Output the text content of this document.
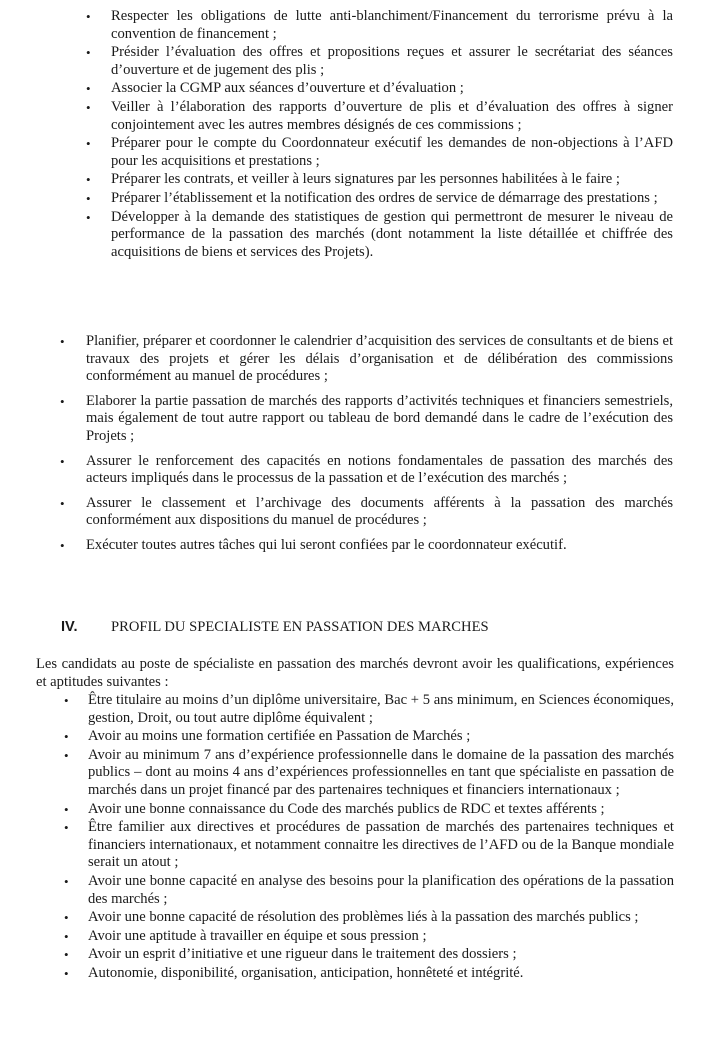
• Respecter les obligations de lutte anti-blanchiment/Financement du terrorisme prévu à la convention de financement ;
• Présider l’évaluation des offres et propositions reçues et assurer le secrétariat des séances d’ouverture et de jugement des plis ;
• Associer la CGMP aux séances d’ouverture et d’évaluation ;
• Veiller à l’élaboration des rapports d’ouverture de plis et d’évaluation des offres à signer conjointement avec les autres membres désignés de ces commissions ;
• Préparer pour le compte du Coordonnateur exécutif les demandes de non-objections à l’AFD pour les acquisitions et prestations ;
• Préparer les contrats, et veiller à leurs signatures par les personnes habilitées à le faire ;
• Préparer l’établissement et la notification des ordres de service de démarrage des prestations ;
• Développer à la demande des statistiques de gestion qui permettront de mesurer le niveau de performance de la passation des marchés (dont notamment la liste détaillée et chiffrée des acquisitions de biens et services des Projets).
• Planifier, préparer et coordonner le calendrier d’acquisition des services de consultants et de biens et travaux des projets et gérer les délais d’organisation et de délibération des commissions conformément au manuel de procédures ;
• Elaborer la partie passation de marchés des rapports d’activités techniques et financiers semestriels, mais également de tout autre rapport ou tableau de bord demandé dans le cadre de l’exécution des Projets ;
• Assurer le renforcement des capacités en notions fondamentales de passation des marchés des acteurs impliqués dans le processus de la passation et de l’exécution des marchés ;
• Assurer le classement et l’archivage des documents afférents à la passation des marchés conformément aux dispositions du manuel de procédures ;
• Exécuter toutes autres tâches qui lui seront confiées par le coordonnateur exécutif.
IV. PROFIL DU SPECIALISTE EN PASSATION DES MARCHES

Les candidats au poste de spécialiste en passation des marchés devront avoir les qualifications, expériences et aptitudes suivantes :

• Être titulaire au moins d’un diplôme universitaire, Bac + 5 ans minimum, en Sciences économiques, gestion, Droit, ou tout autre diplôme équivalent ;
• Avoir au moins une formation certifiée en Passation de Marchés ;
• Avoir au minimum 7 ans d’expérience professionnelle dans le domaine de la passation des marchés publics – dont au moins 4 ans d’expériences professionnelles en tant que spécialiste en passation de marchés dans un projet financé par des partenaires techniques et financiers internationaux ;
• Avoir une bonne connaissance du Code des marchés publics de RDC et textes afférents ;
• Être familier aux directives et procédures de passation de marchés des partenaires techniques et financiers internationaux, et notamment connaitre les directives de l’AFD ou de la Banque mondiale serait un atout ;
• Avoir une bonne capacité en analyse des besoins pour la planification des opérations de la passation des marchés ;
• Avoir une bonne capacité de résolution des problèmes liés à la passation des marchés publics ;
• Avoir une aptitude à travailler en équipe et sous pression ;
• Avoir un esprit d’initiative et une rigueur dans le traitement des dossiers ;
• Autonomie, disponibilité, organisation, anticipation, honnêteté et intégrité.
